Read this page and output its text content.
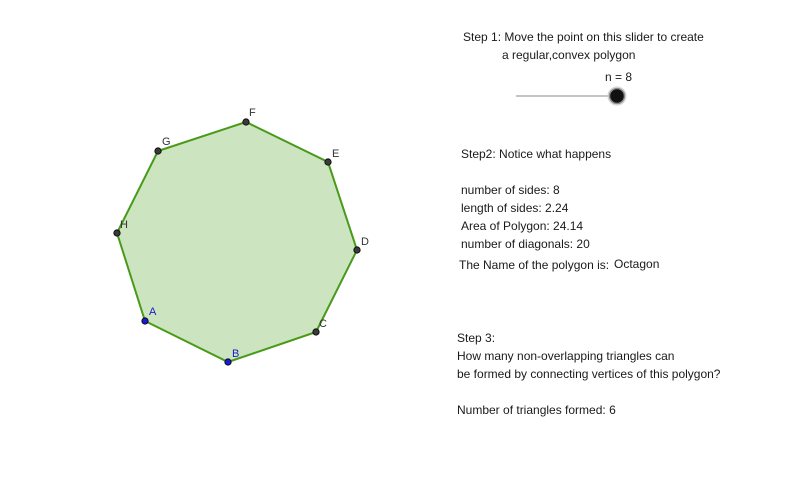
A
B
C
D
E
F
G
H
Step 1: Move the point on this slider to create
a regular,convex polygon
n = 8
Step2: Notice what happens
number of sides: 8
length of sides: 2.24
Area of Polygon: 24.14
number of diagonals: 20
The Name of the polygon is: Octagon
Step 3:
How many non-overlapping triangles can
be formed by connecting vertices of this polygon?
Number of triangles formed: 6
